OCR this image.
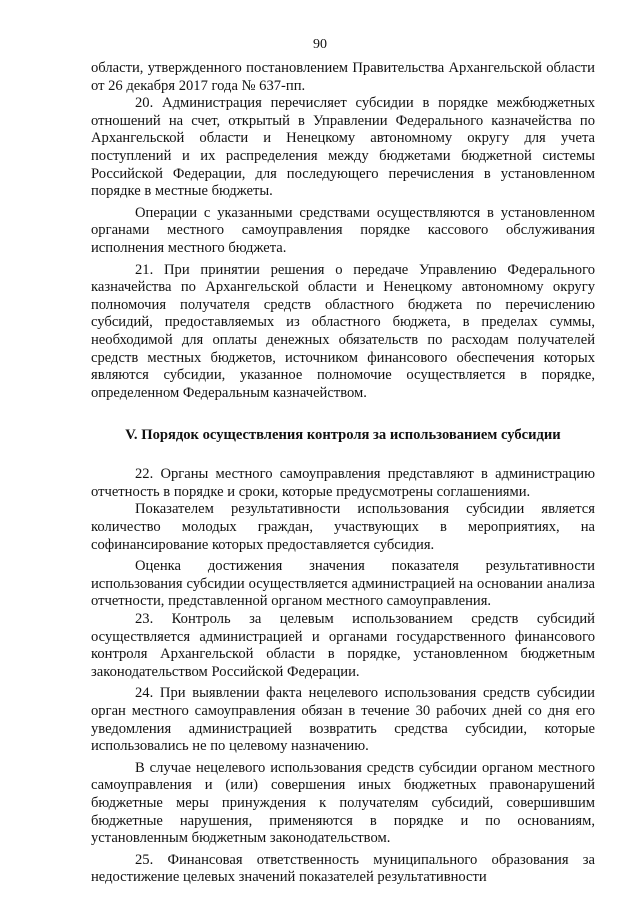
90

области, утвержденного постановлением Правительства Архангельской области от 26 декабря 2017 года № 637-пп.

20. Администрация перечисляет субсидии в порядке межбюджетных отношений на счет, открытый в Управлении Федерального казначейства по Архангельской области и Ненецкому автономному округу для учета поступлений и их распределения между бюджетами бюджетной системы Российской Федерации, для последующего перечисления в установленном порядке в местные бюджеты.

Операции с указанными средствами осуществляются в установленном органами местного самоуправления порядке кассового обслуживания исполнения местного бюджета.

21. При принятии решения о передаче Управлению Федерального казначейства по Архангельской области и Ненецкому автономному округу полномочия получателя средств областного бюджета по перечислению субсидий, предоставляемых из областного бюджета, в пределах суммы, необходимой для оплаты денежных обязательств по расходам получателей средств местных бюджетов, источником финансового обеспечения которых являются субсидии, указанное полномочие осуществляется в порядке, определенном Федеральным казначейством.

V. Порядок осуществления контроля за использованием субсидии

22. Органы местного самоуправления представляют в администрацию отчетность в порядке и сроки, которые предусмотрены соглашениями.

Показателем результативности использования субсидии является количество молодых граждан, участвующих в мероприятиях, на софинансирование которых предоставляется субсидия.

Оценка достижения значения показателя результативности использования субсидии осуществляется администрацией на основании анализа отчетности, представленной органом местного самоуправления.

23. Контроль за целевым использованием средств субсидий осуществляется администрацией и органами государственного финансового контроля Архангельской области в порядке, установленном бюджетным законодательством Российской Федерации.

24. При выявлении факта нецелевого использования средств субсидии орган местного самоуправления обязан в течение 30 рабочих дней со дня его уведомления администрацией возвратить средства субсидии, которые использовались не по целевому назначению.

В случае нецелевого использования средств субсидии органом местного самоуправления и (или) совершения иных бюджетных правонарушений бюджетные меры принуждения к получателям субсидий, совершившим бюджетные нарушения, применяются в порядке и по основаниям, установленным бюджетным законодательством.

25. Финансовая ответственность муниципального образования за недостижение целевых значений показателей результативности
